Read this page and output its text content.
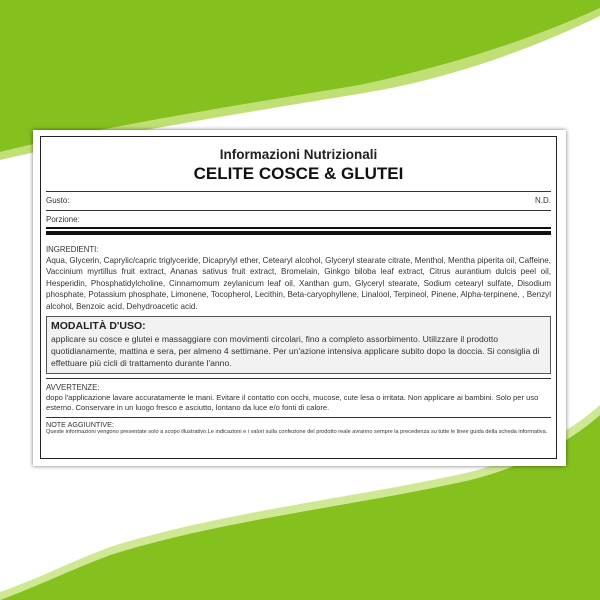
Informazioni Nutrizionali
CELITE COSCE & GLUTEI
Gusto:	N.D.
Porzione:
INGREDIENTI:
Aqua, Glycerin, Caprylic/capric triglyceride, Dicaprylyl ether, Cetearyl alcohol, Glyceryl stearate citrate, Menthol, Mentha piperita oil, Caffeine, Vaccinium myrtillus fruit extract, Ananas sativus fruit extract, Bromelain, Ginkgo biloba leaf extract, Citrus aurantium dulcis peel oil, Hesperidin, Phosphatidylcholine, Cinnamomum zeylanicum leaf oil, Xanthan gum, Glyceryl stearate, Sodium cetearyl sulfate, Disodium phosphate, Potassium phosphate, Limonene, Tocopherol, Lecithin, Beta-caryophyllene, Linalool, Terpineol, Pinene, Alpha-terpinene, , Benzyl alcohol, Benzoic acid, Dehydroacetic acid.
MODALITÀ D'USO:
applicare su cosce e glutei e massaggiare con movimenti circolari, fino a completo assorbimento. Utilizzare il prodotto quotidianamente, mattina e sera, per almeno 4 settimane. Per un'azione intensiva applicare subito dopo la doccia. Si consiglia di effettuare più cicli di trattamento durante l'anno.
AVVERTENZE:
dopo l'applicazione lavare accuratamente le mani. Evitare il contatto con occhi, mucose, cute lesa o irritata. Non applicare ai bambini. Solo per uso esterno. Conservare in un luogo fresco e asciutto, lontano da luce e/o fonti di calore.
NOTE AGGIUNTIVE:
Queste informazioni vengono presentate solo a scopo illustrativo.Le indicazioni e i valori sulla confezione del prodotto reale avranno sempre la precedenza su tutte le linee guida della scheda informativa.
